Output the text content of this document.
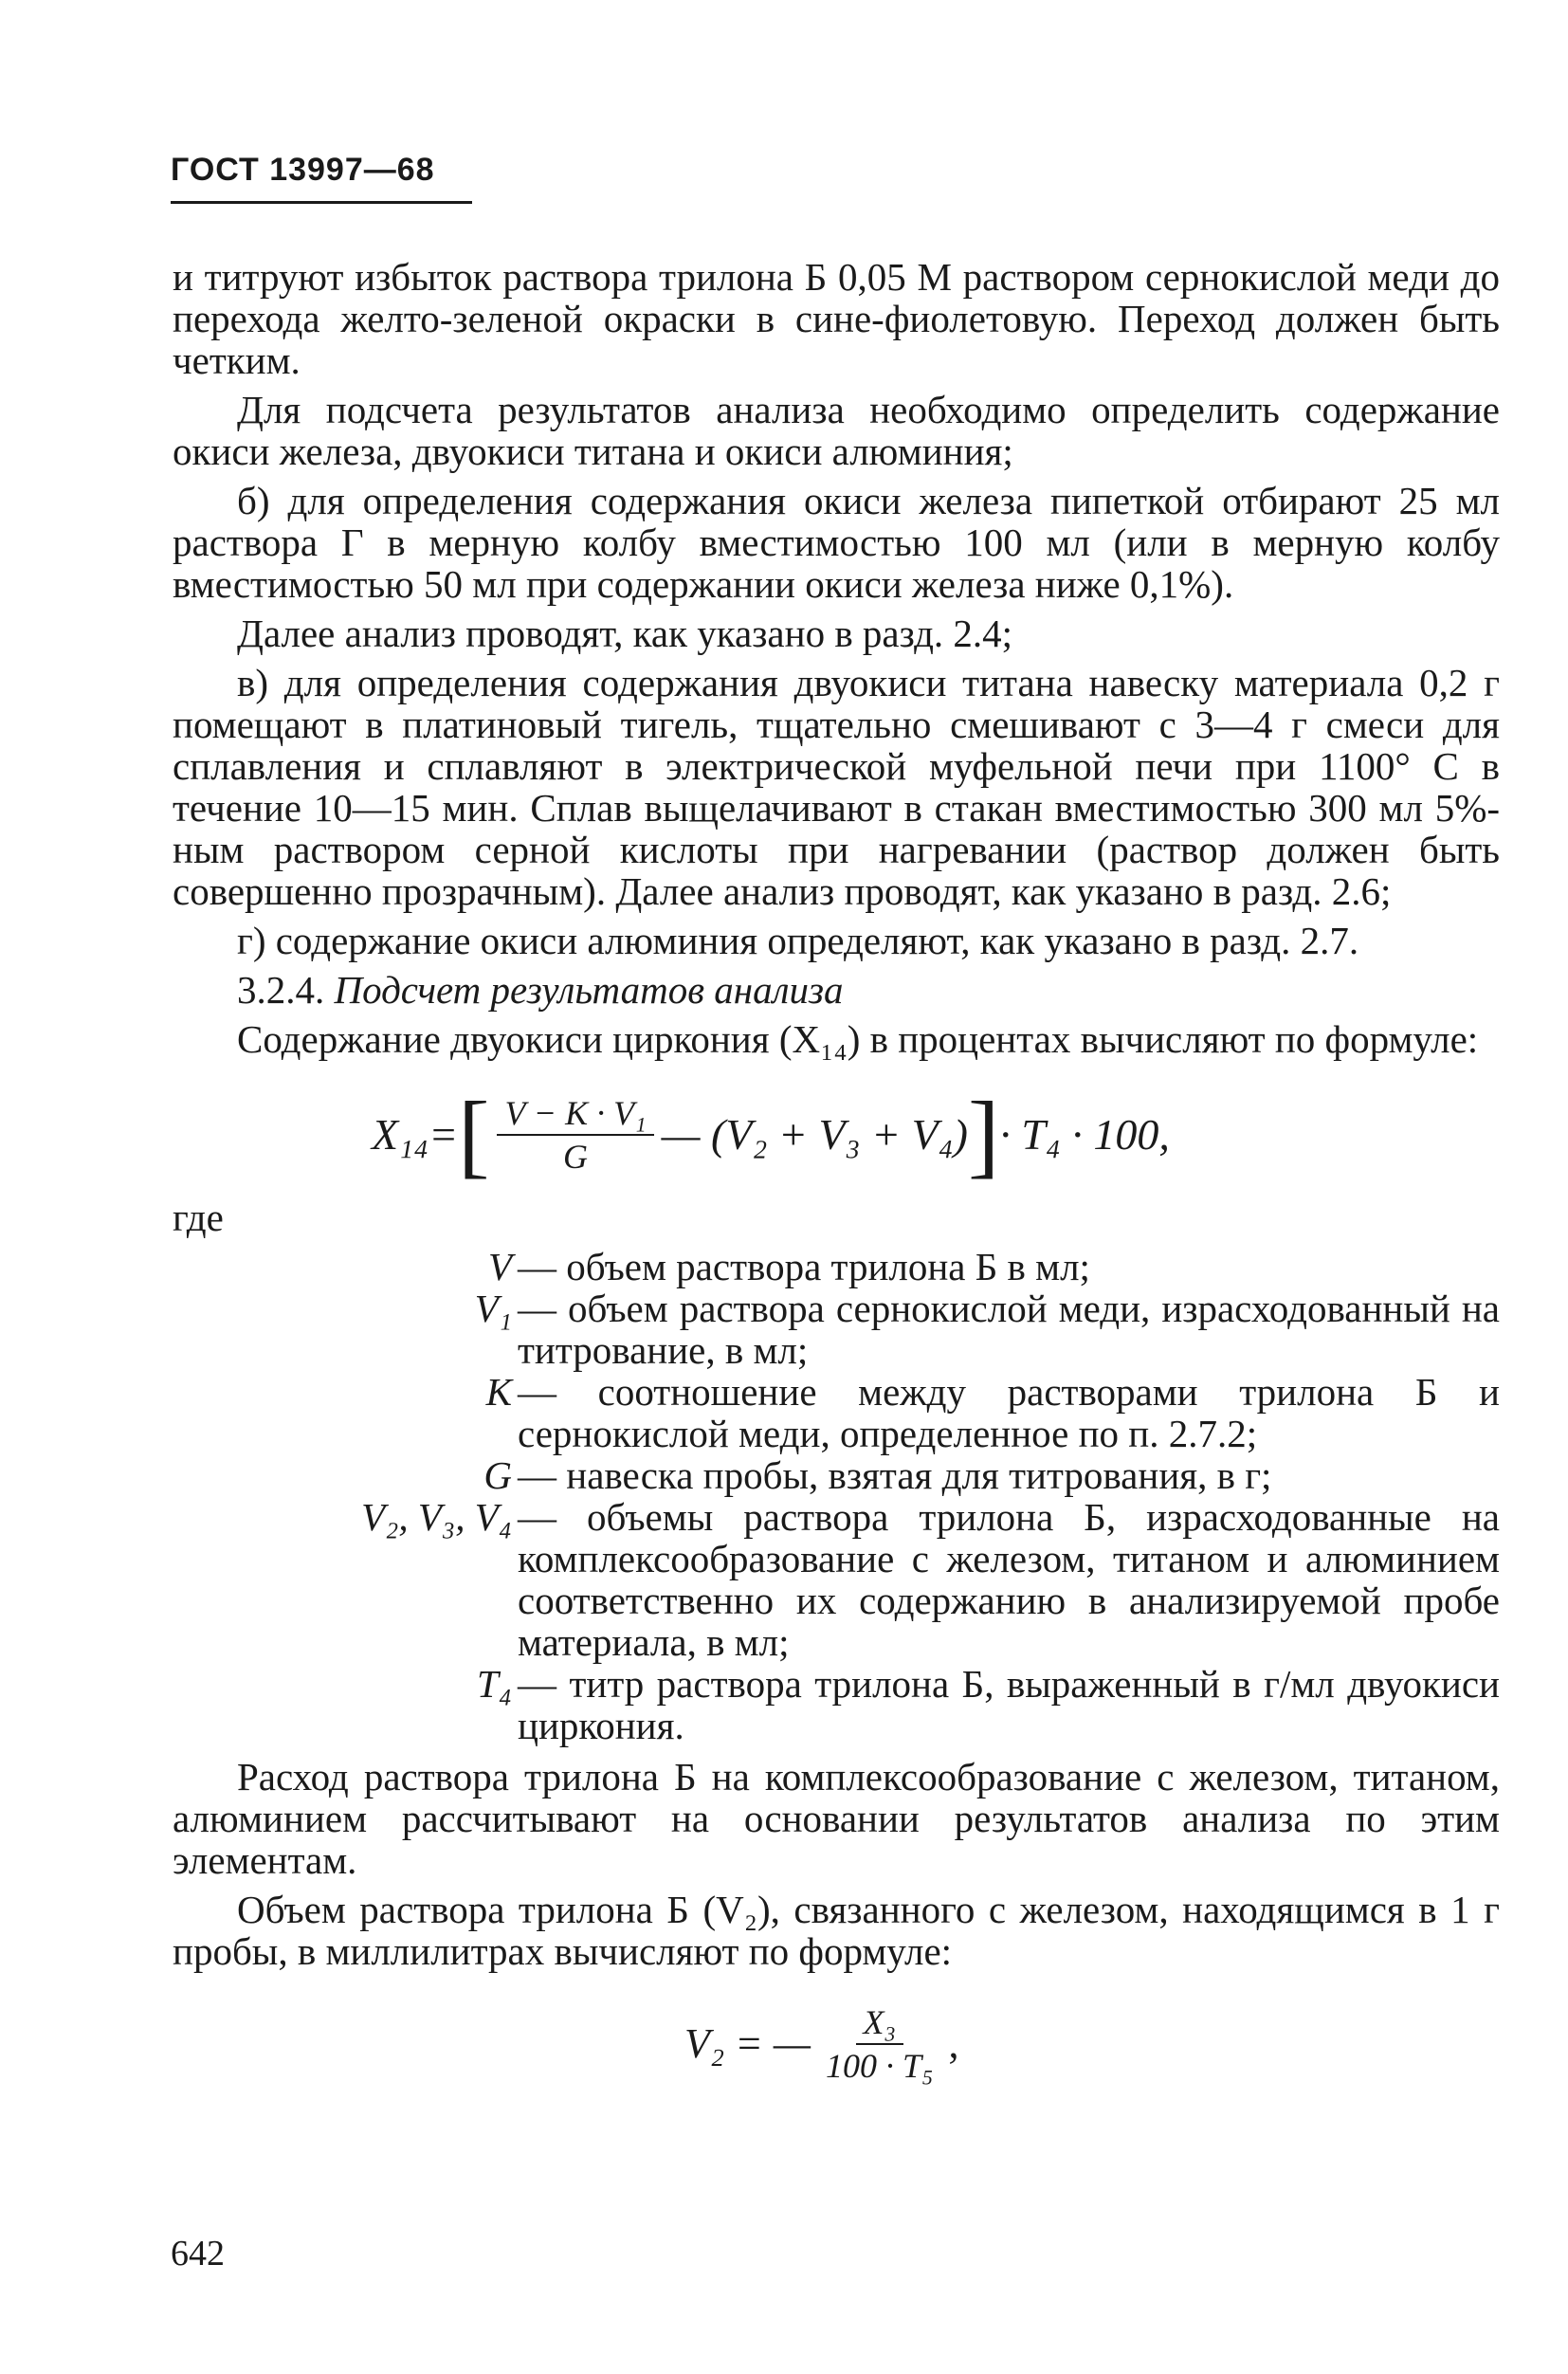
ГОСТ 13997—68

и титруют избыток раствора трилона Б 0,05 М раствором сернокислой меди до перехода желто-зеленой окраски в сине-фиолетовую. Переход должен быть четким.

Для подсчета результатов анализа необходимо определить содержание окиси железа, двуокиси титана и окиси алюминия;

б) для определения содержания окиси железа пипеткой отбирают 25 мл раствора Г в мерную колбу вместимостью 100 мл (или в мерную колбу вместимостью 50 мл при содержании окиси железа ниже 0,1%).

Далее анализ проводят, как указано в разд. 2.4;

в) для определения содержания двуокиси титана навеску материала 0,2 г помещают в платиновый тигель, тщательно смешивают с 3—4 г смеси для сплавления и сплавляют в электрической муфельной печи при 1100° С в течение 10—15 мин. Сплав выщелачивают в стакан вместимостью 300 мл 5%-ным раствором серной кислоты при нагревании (раствор должен быть совершенно прозрачным). Далее анализ проводят, как указано в разд. 2.6;

г) содержание окиси алюминия определяют, как указано в разд. 2.7.

3.2.4. Подсчет результатов анализа

Содержание двуокиси циркония (X₁₄) в процентах вычисляют по формуле:

X₁₄= [ $\frac{\text{V − K · V₁}}{G}$ — (V₂ + V₃ + V₄) ] · T₄ · 100,

где

V — объем раствора трилона Б в мл;
V₁ — объем раствора сернокислой меди, израсходованный на титрование, в мл;
K — соотношение между растворами трилона Б и сернокислой меди, определенное по п. 2.7.2;
G — навеска пробы, взятая для титрования, в г;
V₂, V₃, V₄ — объемы раствора трилона Б, израсходованные на комплексообразование с железом, титаном и алюминием соответственно их содержанию в анализируемой пробе материала, в мл;
T₄ — титр раствора трилона Б, выраженный в г/мл двуокиси циркония.

Расход раствора трилона Б на комплексообразование с железом, титаном, алюминием рассчитывают на основании результатов анализа по этим элементам.

Объем раствора трилона Б (V₂), связанного с железом, находящимся в 1 г пробы, в миллилитрах вычисляют по формуле:

V₂ = — $\frac{\text{X₃}}{\text{100 · T₅}}$ ,
642
